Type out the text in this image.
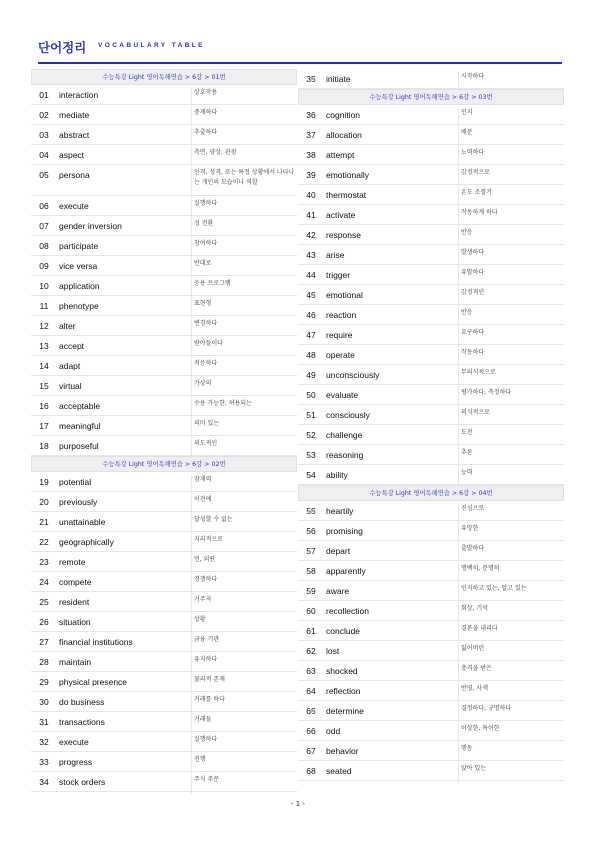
단어정리 VOCABULARY TABLE
수능특강 Light 영어독해연습 > 6강 > 01번
01	interaction	상호작용
02	mediate	중재하다
03	abstract	추출하다
04	aspect	측면, 양상, 관점
05	persona	인격, 성격, 또는 특정 상황에서 나타나는 개인의 모습이나 역할
06	execute	실행하다
07	gender inversion	성 전환
08	participate	참여하다
09	vice versa	반대로
10	application	응용 프로그램
11	phenotype	표현형
12	alter	변경하다
13	accept	받아들이다
14	adapt	적응하다
15	virtual	가상의
16	acceptable	수용 가능한, 허용되는
17	meaningful	의미 있는
18	purposeful	의도적인
수능특강 Light 영어독해연습 > 6강 > 02번
19	potential	잠재력
20	previously	이전에
21	unattainable	달성할 수 없는
22	geographically	지리적으로
23	remote	먼, 외딴
24	compete	경쟁하다
25	resident	거주자
26	situation	상황
27	financial institutions	금융 기관
28	maintain	유지하다
29	physical presence	물리적 존재
30	do business	거래를 하다
31	transactions	거래들
32	execute	실행하다
33	progress	진행
34	stock orders	주식 주문
35	initiate	시작하다
수능특강 Light 영어독해연습 > 6강 > 03번
36	cognition	인지
37	allocation	배분
38	attempt	노력하다
39	emotionally	감정적으로
40	thermostat	온도 조절기
41	activate	작동하게 하다
42	response	반응
43	arise	발생하다
44	trigger	유발하다
45	emotional	감정적인
46	reaction	반응
47	require	요구하다
48	operate	작동하다
49	unconsciously	무의식적으로
50	evaluate	평가하다, 측정하다
51	consciously	의식적으로
52	challenge	도전
53	reasoning	추론
54	ability	능력
수능특강 Light 영어독해연습 > 6강 > 04번
55	heartily	진심으로
56	promising	유망한
57	depart	출발하다
58	apparently	명백히, 분명히
59	aware	인지하고 있는, 알고 있는
60	recollection	회상, 기억
61	conclude	결론을 내리다
62	lost	잃어버린
63	shocked	충격을 받은
64	reflection	반영, 사색
65	determine	결정하다, 규명하다
66	odd	이상한, 특이한
67	behavior	행동
68	seated	앉아 있는
- 1 -
